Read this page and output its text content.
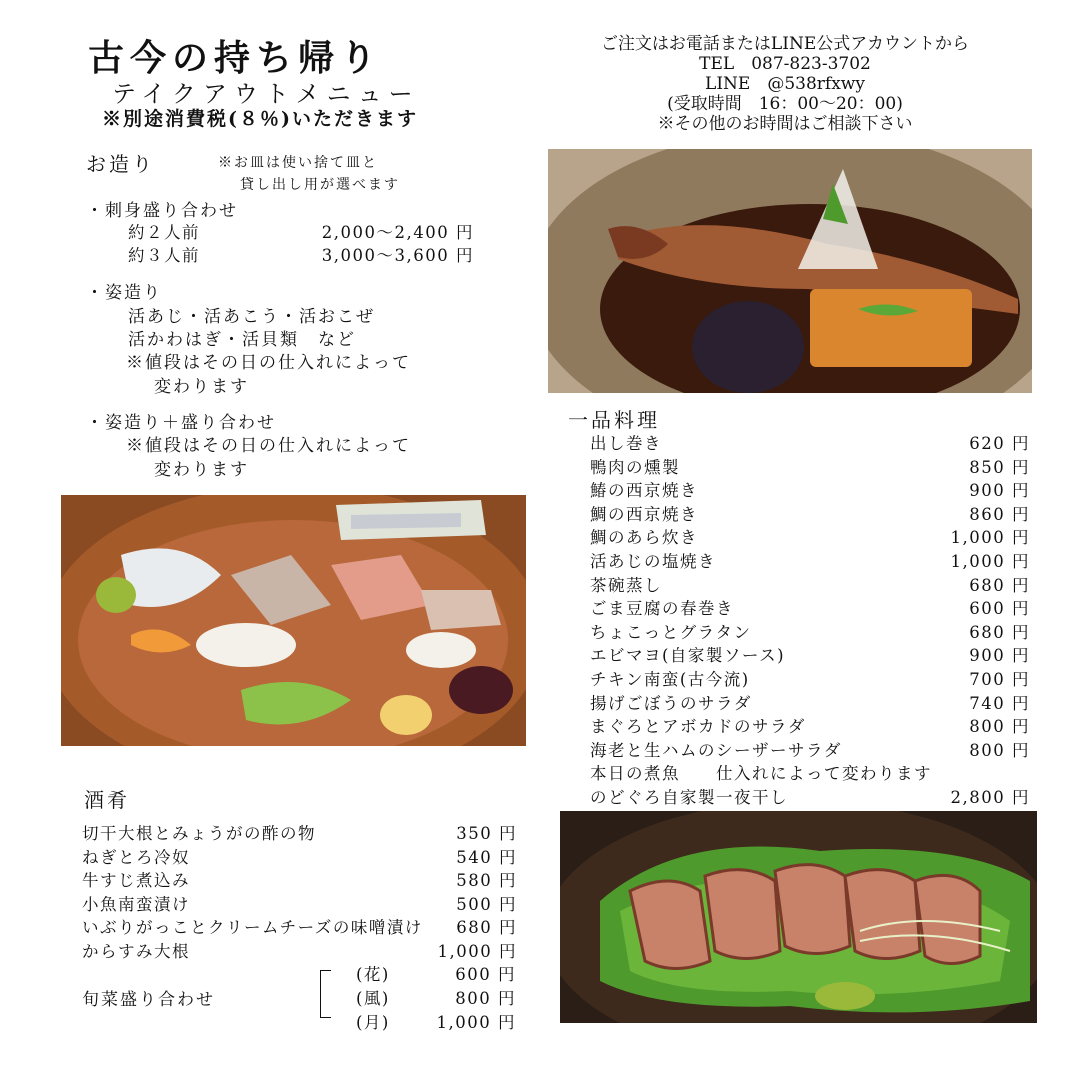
古今の持ち帰り
テイクアウトメニュー
※別途消費税(８％)いただきます
ご注文はお電話またはLINE公式アカウントから
TEL　087-823-3702
LINE　@538rfxwy
(受取時間　16：00～20：00)
※その他のお時間はご相談下さい
お造り	※お皿は使い捨て皿と
貸し出し用が選べます
・刺身盛り合わせ
約２人前	2,000～2,400 円
約３人前	3,000～3,600 円
・姿造り
活あじ・活あこう・活おこぜ
活かわはぎ・活貝類　など
※値段はその日の仕入れによって
変わります
・姿造り＋盛り合わせ
※値段はその日の仕入れによって
変わります
一品料理
出し巻き	620 円
鴨肉の燻製	850 円
鰆の西京焼き	900 円
鯛の西京焼き	860 円
鯛のあら炊き	1,000 円
活あじの塩焼き	1,000 円
茶碗蒸し	680 円
ごま豆腐の春巻き	600 円
ちょこっとグラタン	680 円
エビマヨ(自家製ソース)	900 円
チキン南蛮(古今流)	700 円
揚げごぼうのサラダ	740 円
まぐろとアボカドのサラダ	800 円
海老と生ハムのシーザーサラダ	800 円
本日の煮魚　　仕入れによって変わります
のどぐろ自家製一夜干し	2,800 円
酒肴
切干大根とみょうがの酢の物	350 円
ねぎとろ冷奴	540 円
牛すじ煮込み	580 円
小魚南蛮漬け	500 円
いぶりがっことクリームチーズの味噌漬け 680 円
からすみ大根	1,000 円
旬菜盛り合わせ
(花)	600 円
(風)	800 円
(月)	1,000 円
